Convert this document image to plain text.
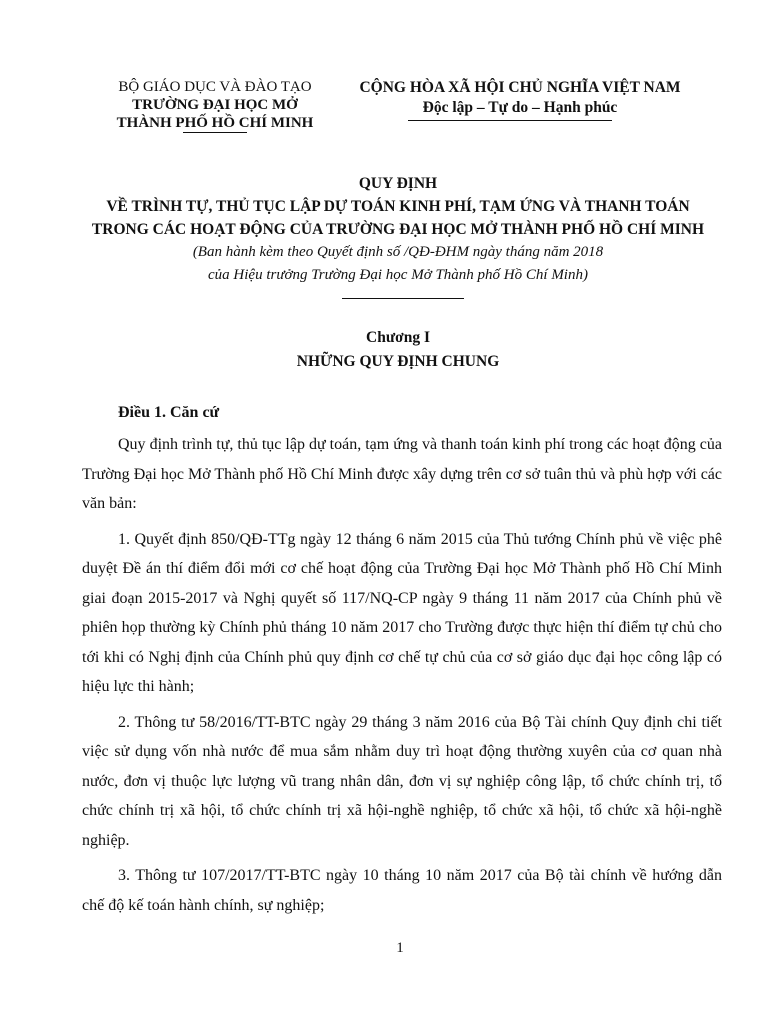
BỘ GIÁO DỤC VÀ ĐÀO TẠO
TRƯỜNG ĐẠI HỌC MỞ
THÀNH PHỐ HỒ CHÍ MINH
CỘNG HÒA XÃ HỘI CHỦ NGHĨA VIỆT NAM
Độc lập – Tự do – Hạnh phúc
QUY ĐỊNH
VỀ TRÌNH TỰ, THỦ TỤC LẬP DỰ TOÁN KINH PHÍ, TẠM ỨNG VÀ THANH TOÁN
TRONG CÁC HOẠT ĐỘNG CỦA TRƯỜNG ĐẠI HỌC MỞ THÀNH PHỐ HỒ CHÍ MINH
(Ban hành kèm theo Quyết định số /QĐ-ĐHM ngày tháng năm 2018
của Hiệu trưởng Trường Đại học Mở Thành phố Hồ Chí Minh)
Chương I
NHỮNG QUY ĐỊNH CHUNG
Điều 1. Căn cứ

Quy định trình tự, thủ tục lập dự toán, tạm ứng và thanh toán kinh phí trong các hoạt động của Trường Đại học Mở Thành phố Hồ Chí Minh được xây dựng trên cơ sở tuân thủ và phù hợp với các văn bản:

1. Quyết định 850/QĐ-TTg ngày 12 tháng 6 năm 2015 của Thủ tướng Chính phủ về việc phê duyệt Đề án thí điểm đổi mới cơ chế hoạt động của Trường Đại học Mở Thành phố Hồ Chí Minh giai đoạn 2015-2017 và Nghị quyết số 117/NQ-CP ngày 9 tháng 11 năm 2017 của Chính phủ về phiên họp thường kỳ Chính phủ tháng 10 năm 2017 cho Trường được thực hiện thí điểm tự chủ cho tới khi có Nghị định của Chính phủ quy định cơ chế tự chủ của cơ sở giáo dục đại học công lập có hiệu lực thi hành;

2. Thông tư 58/2016/TT-BTC ngày 29 tháng 3 năm 2016 của Bộ Tài chính Quy định chi tiết việc sử dụng vốn nhà nước để mua sắm nhằm duy trì hoạt động thường xuyên của cơ quan nhà nước, đơn vị thuộc lực lượng vũ trang nhân dân, đơn vị sự nghiệp công lập, tổ chức chính trị, tổ chức chính trị xã hội, tổ chức chính trị xã hội-nghề nghiệp, tổ chức xã hội, tổ chức xã hội-nghề nghiệp.

3. Thông tư 107/2017/TT-BTC ngày 10 tháng 10 năm 2017 của Bộ tài chính về hướng dẫn chế độ kế toán hành chính, sự nghiệp;

1
